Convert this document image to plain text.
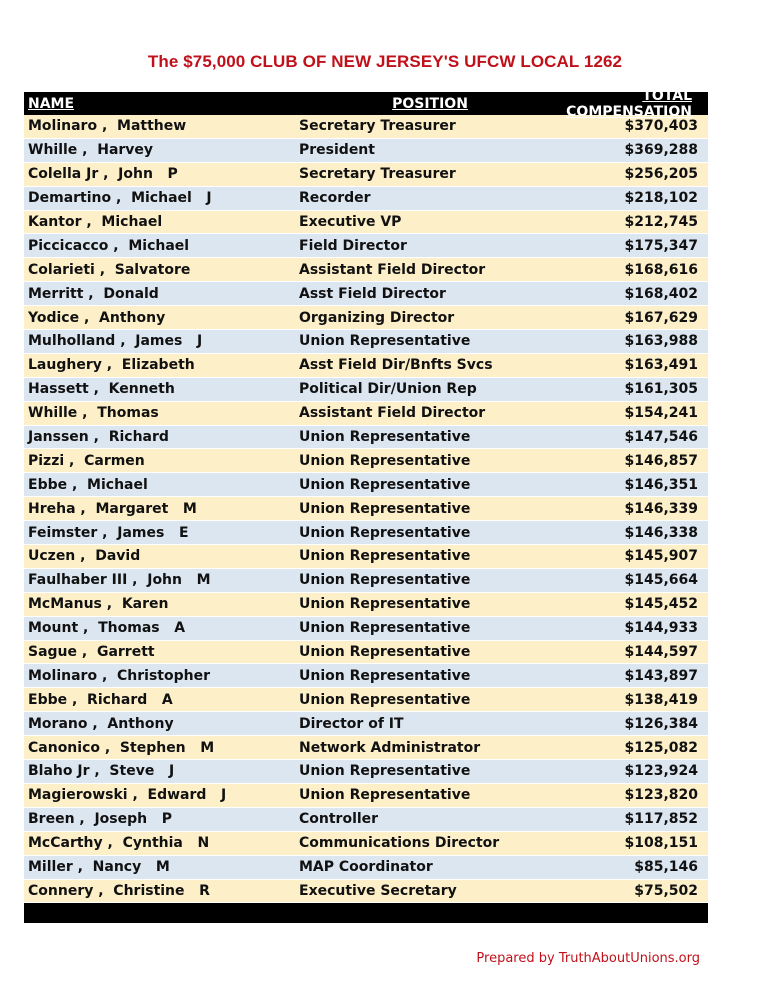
The $75,000 CLUB OF NEW JERSEY'S UFCW LOCAL 1262
NAME	POSITION	TOTAL COMPENSATION
Molinaro ,  Matthew	Secretary Treasurer	$370,403
Whille ,  Harvey	President	$369,288
Colella Jr ,  John   P	Secretary Treasurer	$256,205
Demartino ,  Michael   J	Recorder	$218,102
Kantor ,  Michael	Executive VP	$212,745
Piccicacco ,  Michael	Field Director	$175,347
Colarieti ,  Salvatore	Assistant Field Director	$168,616
Merritt ,  Donald	Asst Field Director	$168,402
Yodice ,  Anthony	Organizing Director	$167,629
Mulholland ,  James   J	Union Representative	$163,988
Laughery ,  Elizabeth	Asst Field Dir/Bnfts Svcs	$163,491
Hassett ,  Kenneth	Political Dir/Union Rep	$161,305
Whille ,  Thomas	Assistant Field Director	$154,241
Janssen ,  Richard	Union Representative	$147,546
Pizzi ,  Carmen	Union Representative	$146,857
Ebbe ,  Michael	Union Representative	$146,351
Hreha ,  Margaret   M	Union Representative	$146,339
Feimster ,  James   E	Union Representative	$146,338
Uczen ,  David	Union Representative	$145,907
Faulhaber III ,  John   M	Union Representative	$145,664
McManus ,  Karen	Union Representative	$145,452
Mount ,  Thomas   A	Union Representative	$144,933
Sague ,  Garrett	Union Representative	$144,597
Molinaro ,  Christopher	Union Representative	$143,897
Ebbe ,  Richard   A	Union Representative	$138,419
Morano ,  Anthony	Director of IT	$126,384
Canonico ,  Stephen   M	Network Administrator	$125,082
Blaho Jr ,  Steve   J	Union Representative	$123,924
Magierowski ,  Edward   J	Union Representative	$123,820
Breen ,  Joseph   P	Controller	$117,852
McCarthy ,  Cynthia   N	Communications Director	$108,151
Miller ,  Nancy   M	MAP Coordinator	$85,146
Connery ,  Christine   R	Executive Secretary	$75,502
Prepared by TruthAboutUnions.org
